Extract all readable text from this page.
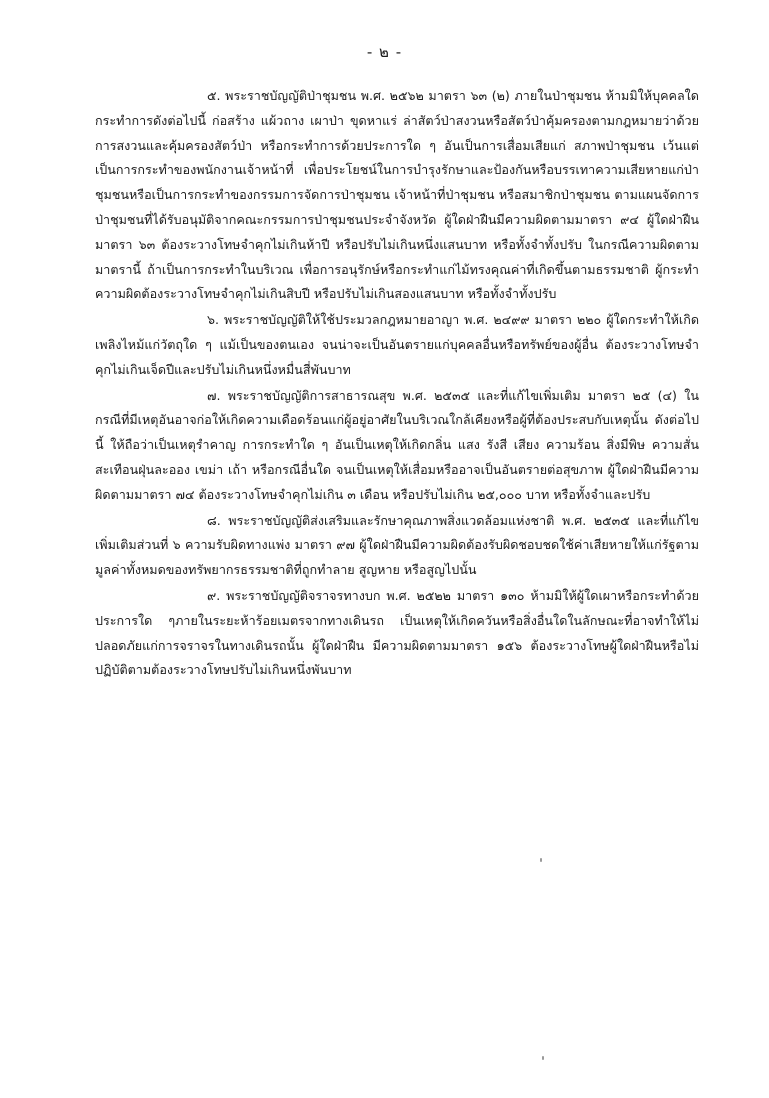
- ๒ -

๕. พระราชบัญญัติป่าชุมชน พ.ศ. ๒๕๖๒ มาตรา ๖๓ (๒) ภายในป่าชุมชน ห้ามมิให้บุคคลใดกระทำการดังต่อไปนี้ ก่อสร้าง แผ้วถาง เผาป่า ขุดหาแร่ ล่าสัตว์ป่าสงวนหรือสัตว์ป่าคุ้มครองตามกฎหมายว่าด้วยการสงวนและคุ้มครองสัตว์ป่า หรือกระทำการด้วยประการใด ๆ อันเป็นการเสื่อมเสียแก่ สภาพป่าชุมชน เว้นแต่เป็นการกระทำของพนักงานเจ้าหน้าที่ เพื่อประโยชน์ในการบำรุงรักษาและป้องกันหรือบรรเทาความเสียหายแก่ป่าชุมชนหรือเป็นการกระทำของกรรมการจัดการป่าชุมชน เจ้าหน้าที่ป่าชุมชน หรือสมาชิกป่าชุมชน ตามแผนจัดการป่าชุมชนที่ได้รับอนุมัติจากคณะกรรมการป่าชุมชนประจำจังหวัด ผู้ใดฝ่าฝืนมีความผิดตามมาตรา ๙๔ ผู้ใดฝ่าฝืนมาตรา ๖๓ ต้องระวางโทษจำคุกไม่เกินห้าปี หรือปรับไม่เกินหนึ่งแสนบาท หรือทั้งจำทั้งปรับ ในกรณีความผิดตามมาตรานี้ ถ้าเป็นการกระทำในบริเวณ เพื่อการอนุรักษ์หรือกระทำแก่ไม้ทรงคุณค่าที่เกิดขึ้นตามธรรมชาติ ผู้กระทำความผิดต้องระวางโทษจำคุกไม่เกินสิบปี หรือปรับไม่เกินสองแสนบาท หรือทั้งจำทั้งปรับ

๖. พระราชบัญญัติให้ใช้ประมวลกฎหมายอาญา พ.ศ. ๒๔๙๙ มาตรา ๒๒๐ ผู้ใดกระทำให้เกิดเพลิงไหม้แก่วัตถุใด ๆ แม้เป็นของตนเอง จนน่าจะเป็นอันตรายแก่บุคคลอื่นหรือทรัพย์ของผู้อื่น ต้องระวางโทษจำคุกไม่เกินเจ็ดปีและปรับไม่เกินหนึ่งหมื่นสี่พันบาท

๗. พระราชบัญญัติการสาธารณสุข พ.ศ. ๒๕๓๕ และที่แก้ไขเพิ่มเติม มาตรา ๒๕ (๔) ในกรณีที่มีเหตุอันอาจก่อให้เกิดความเดือดร้อนแก่ผู้อยู่อาศัยในบริเวณใกล้เคียงหรือผู้ที่ต้องประสบกับเหตุนั้น ดังต่อไปนี้ ให้ถือว่าเป็นเหตุรำคาญ การกระทำใด ๆ อันเป็นเหตุให้เกิดกลิ่น แสง รังสี เสียง ความร้อน สิ่งมีพิษ ความสั่นสะเทือนฝุ่นละออง เขม่า เถ้า หรือกรณีอื่นใด จนเป็นเหตุให้เสื่อมหรืออาจเป็นอันตรายต่อสุขภาพ ผู้ใดฝ่าฝืนมีความผิดตามมาตรา ๗๔ ต้องระวางโทษจำคุกไม่เกิน ๓ เดือน หรือปรับไม่เกิน ๒๕,๐๐๐ บาท หรือทั้งจำและปรับ

๘. พระราชบัญญัติส่งเสริมและรักษาคุณภาพสิ่งแวดล้อมแห่งชาติ พ.ศ. ๒๕๓๕ และที่แก้ไขเพิ่มเติมส่วนที่ ๖ ความรับผิดทางแพ่ง มาตรา ๙๗ ผู้ใดฝ่าฝืนมีความผิดต้องรับผิดชอบชดใช้ค่าเสียหายให้แก่รัฐตามมูลค่าทั้งหมดของทรัพยากรธรรมชาติที่ถูกทำลาย สูญหาย หรือสูญไปนั้น

๙. พระราชบัญญัติจราจรทางบก พ.ศ. ๒๕๒๒ มาตรา ๑๓๐ ห้ามมิให้ผู้ใดเผาหรือกระทำด้วยประการใด ๆภายในระยะห้าร้อยเมตรจากทางเดินรถ เป็นเหตุให้เกิดควันหรือสิ่งอื่นใดในลักษณะที่อาจทำให้ไม่ปลอดภัยแก่การจราจรในทางเดินรถนั้น ผู้ใดฝ่าฝืน มีความผิดตามมาตรา ๑๕๖ ต้องระวางโทษผู้ใดฝ่าฝืนหรือไม่ปฏิบัติตามต้องระวางโทษปรับไม่เกินหนึ่งพันบาท
